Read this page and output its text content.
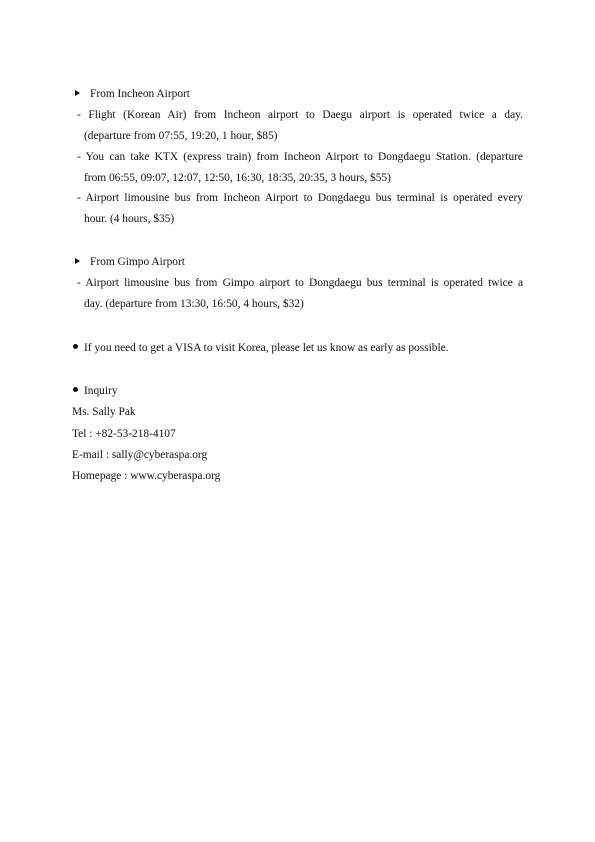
From Incheon Airport
- Flight (Korean Air) from Incheon airport to Daegu airport is operated twice a day.
(departure from 07:55, 19:20, 1 hour, $85)
- You can take KTX (express train) from Incheon Airport to Dongdaegu Station. (departure
from 06:55, 09:07, 12:07, 12:50, 16:30, 18:35, 20:35, 3 hours, $55)
- Airport limousine bus from Incheon Airport to Dongdaegu bus terminal is operated every
hour. (4 hours, $35)
From Gimpo Airport
- Airport limousine bus from Gimpo airport to Dongdaegu bus terminal is operated twice a
day. (departure from 13:30, 16:50, 4 hours, $32)
If you need to get a VISA to visit Korea, please let us know as early as possible.
Inquiry
Ms. Sally Pak
Tel : +82-53-218-4107
E-mail : sally@cyberaspa.org
Homepage : www.cyberaspa.org
